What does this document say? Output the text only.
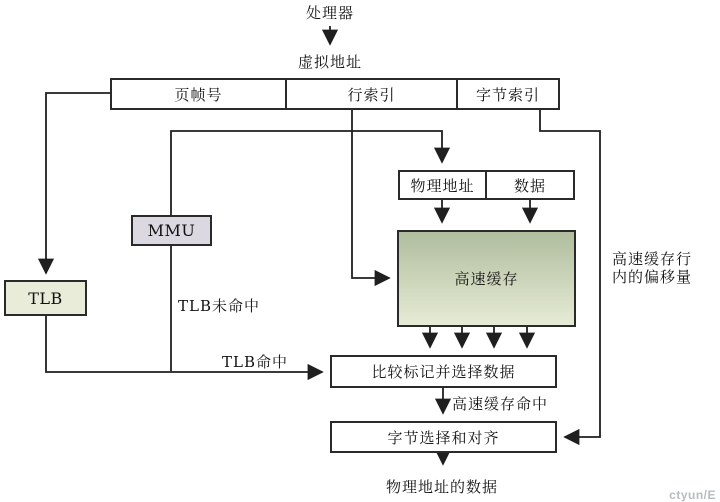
处理器
虚拟地址
页帧号	行索引	字节索引
TLB
MMU
物理地址	数据
高速缓存
比较标记并选择数据
字节选择和对齐
TLB未命中
TLB命中
高速缓存命中
高速缓存行
内的偏移量
物理地址的数据	ctyun/E
